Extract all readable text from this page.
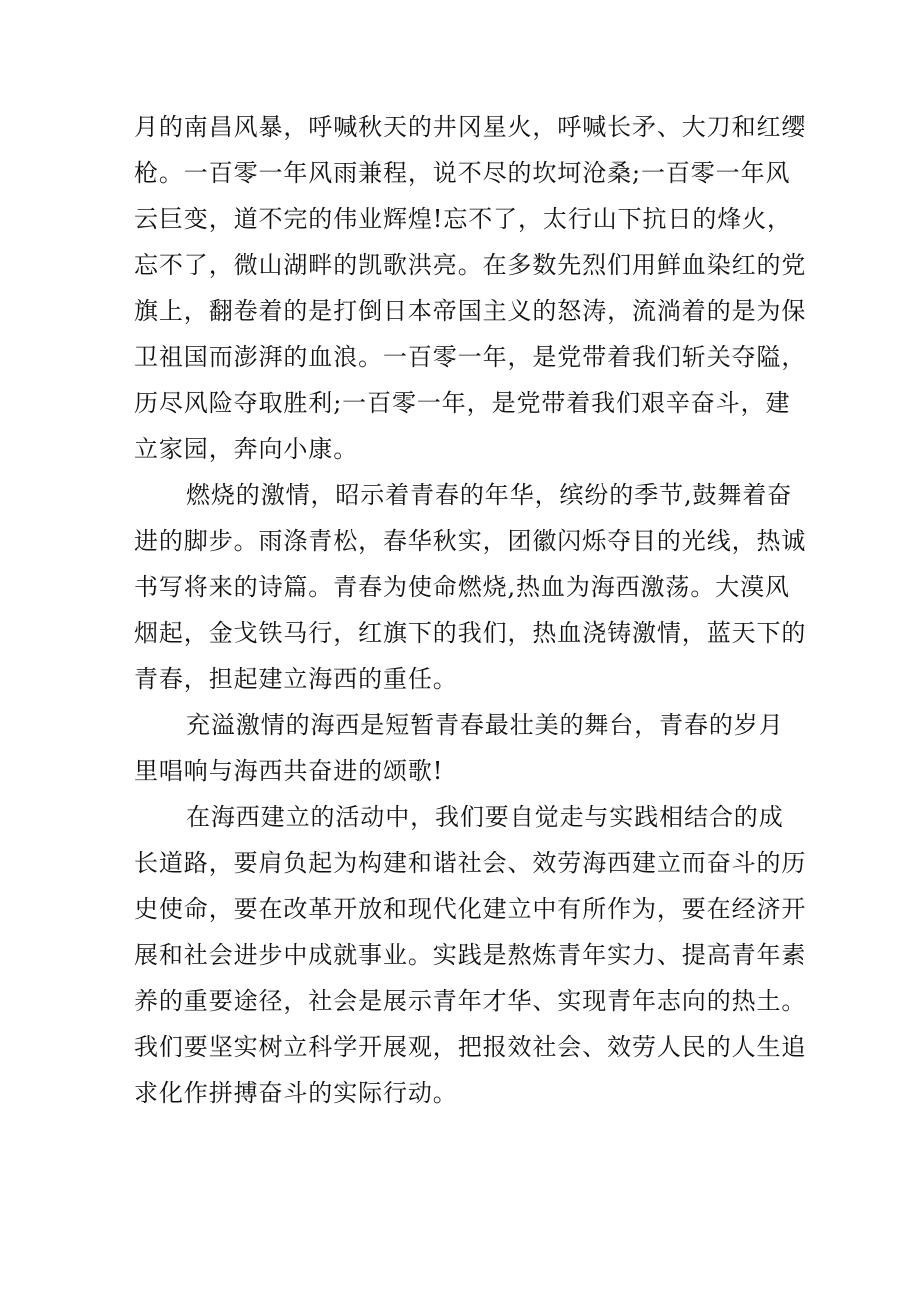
月的南昌风暴，呼喊秋天的井冈星火，呼喊长矛、大刀和红缨
枪。一百零一年风雨兼程，说不尽的坎坷沧桑;一百零一年风
云巨变，道不完的伟业辉煌!忘不了，太行山下抗日的烽火，
忘不了，微山湖畔的凯歌洪亮。在多数先烈们用鲜血染红的党
旗上，翻卷着的是打倒日本帝国主义的怒涛，流淌着的是为保
卫祖国而澎湃的血浪。一百零一年，是党带着我们斩关夺隘，
历尽风险夺取胜利;一百零一年，是党带着我们艰辛奋斗，建
立家园，奔向小康。

燃烧的激情，昭示着青春的年华，缤纷的季节,鼓舞着奋
进的脚步。雨涤青松，春华秋实，团徽闪烁夺目的光线，热诚
书写将来的诗篇。青春为使命燃烧,热血为海西激荡。大漠风
烟起，金戈铁马行，红旗下的我们，热血浇铸激情，蓝天下的
青春，担起建立海西的重任。

充溢激情的海西是短暂青春最壮美的舞台，青春的岁月
里唱响与海西共奋进的颂歌!

在海西建立的活动中，我们要自觉走与实践相结合的成
长道路，要肩负起为构建和谐社会、效劳海西建立而奋斗的历
史使命，要在改革开放和现代化建立中有所作为，要在经济开
展和社会进步中成就事业。实践是熬炼青年实力、提高青年素
养的重要途径，社会是展示青年才华、实现青年志向的热土。
我们要坚实树立科学开展观，把报效社会、效劳人民的人生追
求化作拼搏奋斗的实际行动。
